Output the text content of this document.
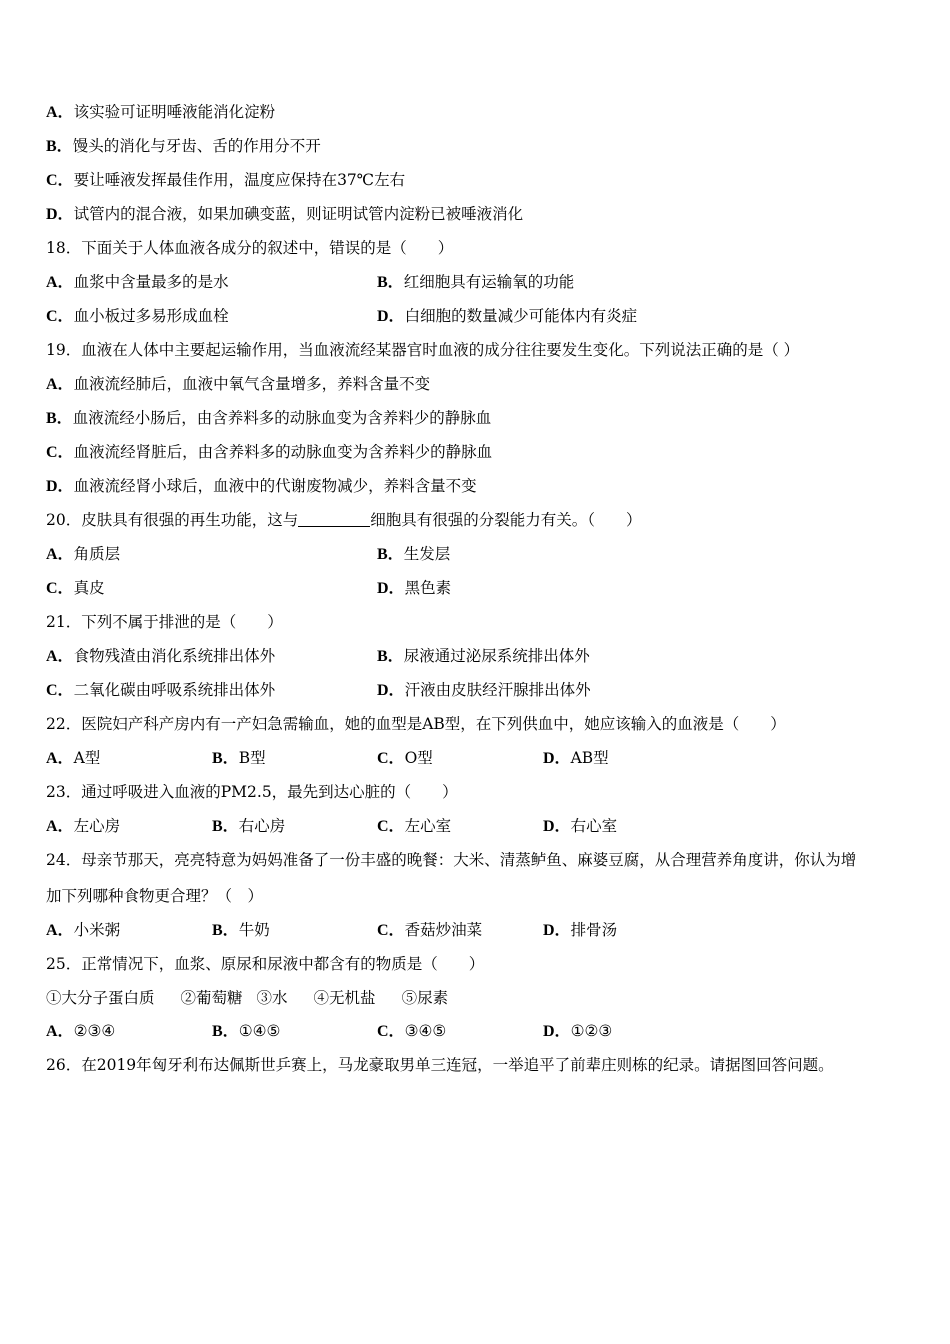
A．该实验可证明唾液能消化淀粉
B．馒头的消化与牙齿、舌的作用分不开
C．要让唾液发挥最佳作用，温度应保持在37℃左右
D．试管内的混合液，如果加碘变蓝，则证明试管内淀粉已被唾液消化
18．下面关于人体血液各成分的叙述中，错误的是（　　）
A．血浆中含量最多的是水	B．红细胞具有运输氧的功能
C．血小板过多易形成血栓	D．白细胞的数量减少可能体内有炎症
19．血液在人体中主要起运输作用，当血液流经某器官时血液的成分往往要发生变化。下列说法正确的是（ ）
A．血液流经肺后，血液中氧气含量增多，养料含量不变
B．血液流经小肠后，由含养料多的动脉血变为含养料少的静脉血
C．血液流经肾脏后，由含养料多的动脉血变为含养料少的静脉血
D．血液流经肾小球后，血液中的代谢废物减少，养料含量不变
20．皮肤具有很强的再生功能，这与	细胞具有很强的分裂能力有关。（　　）
A．角质层	B．生发层
C．真皮	D．黑色素
21．下列不属于排泄的是（　　）
A．食物残渣由消化系统排出体外	B．尿液通过泌尿系统排出体外
C．二氧化碳由呼吸系统排出体外	D．汗液由皮肤经汗腺排出体外
22．医院妇产科产房内有一产妇急需输血，她的血型是AB型，在下列供血中，她应该输入的血液是（　　）
A．A型	B．B型	C．O型	D．AB型
23．通过呼吸进入血液的PM2.5，最先到达心脏的（　　）
A．左心房	B．右心房	C．左心室	D．右心室
24．母亲节那天，亮亮特意为妈妈准备了一份丰盛的晚餐：大米、清蒸鲈鱼、麻婆豆腐，从合理营养角度讲，你认为增
加下列哪种食物更合理？（　）
A．小米粥	B．牛奶	C．香菇炒油菜	D．排骨汤
25．正常情况下，血浆、原尿和尿液中都含有的物质是（　　）
①大分子蛋白质 ②葡萄糖 ③水 ④无机盐 ⑤尿素
A．②③④	B．①④⑤	C．③④⑤	D．①②③
26．在2019年匈牙利布达佩斯世乒赛上，马龙豪取男单三连冠，一举追平了前辈庄则栋的纪录。请据图回答问题。
